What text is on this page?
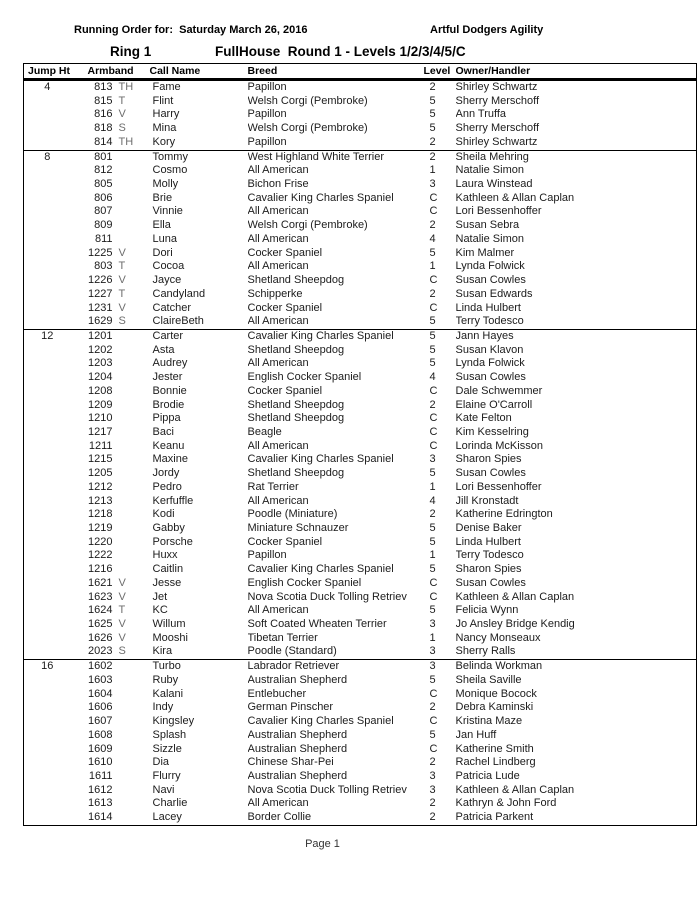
Running Order for:  Saturday March 26, 2016	Artful Dodgers Agility
Ring 1	FullHouse  Round 1 - Levels 1/2/3/4/5/C
Jump Ht	Armband		Call Name	Breed	Level	Owner/Handler
4	813	TH	Fame	Papillon	2	Shirley Schwartz
	815	T	Flint	Welsh Corgi (Pembroke)	5	Sherry Merschoff
	816	V	Harry	Papillon	5	Ann Truffa
	818	S	Mina	Welsh Corgi (Pembroke)	5	Sherry Merschoff
	814	TH	Kory	Papillon	2	Shirley Schwartz
8	801		Tommy	West Highland White Terrier	2	Sheila Mehring
	812		Cosmo	All American	1	Natalie Simon
	805		Molly	Bichon Frise	3	Laura Winstead
	806		Brie	Cavalier King Charles Spaniel	C	Kathleen & Allan Caplan
	807		Vinnie	All American	C	Lori Bessenhoffer
	809		Ella	Welsh Corgi (Pembroke)	2	Susan Sebra
	811		Luna	All American	4	Natalie Simon
	1225	V	Dori	Cocker Spaniel	5	Kim Malmer
	803	T	Cocoa	All American	1	Lynda Folwick
	1226	V	Jayce	Shetland Sheepdog	C	Susan Cowles
	1227	T	Candyland	Schipperke	2	Susan Edwards
	1231	V	Catcher	Cocker Spaniel	C	Linda Hulbert
	1629	S	ClaireBeth	All American	5	Terry Todesco
12	1201		Carter	Cavalier King Charles Spaniel	5	Jann Hayes
	1202		Asta	Shetland Sheepdog	5	Susan Klavon
	1203		Audrey	All American	5	Lynda Folwick
	1204		Jester	English Cocker Spaniel	4	Susan Cowles
	1208		Bonnie	Cocker Spaniel	C	Dale Schwemmer
	1209		Brodie	Shetland Sheepdog	2	Elaine O'Carroll
	1210		Pippa	Shetland Sheepdog	C	Kate Felton
	1217		Baci	Beagle	C	Kim Kesselring
	1211		Keanu	All American	C	Lorinda McKisson
	1215		Maxine	Cavalier King Charles Spaniel	3	Sharon Spies
	1205		Jordy	Shetland Sheepdog	5	Susan Cowles
	1212		Pedro	Rat Terrier	1	Lori Bessenhoffer
	1213		Kerfuffle	All American	4	Jill Kronstadt
	1218		Kodi	Poodle (Miniature)	2	Katherine Edrington
	1219		Gabby	Miniature Schnauzer	5	Denise Baker
	1220		Porsche	Cocker Spaniel	5	Linda Hulbert
	1222		Huxx	Papillon	1	Terry Todesco
	1216		Caitlin	Cavalier King Charles Spaniel	5	Sharon Spies
	1621	V	Jesse	English Cocker Spaniel	C	Susan Cowles
	1623	V	Jet	Nova Scotia Duck Tolling Retriev	C	Kathleen & Allan Caplan
	1624	T	KC	All American	5	Felicia Wynn
	1625	V	Willum	Soft Coated Wheaten Terrier	3	Jo Ansley Bridge Kendig
	1626	V	Mooshi	Tibetan Terrier	1	Nancy Monseaux
	2023	S	Kira	Poodle (Standard)	3	Sherry Ralls
16	1602		Turbo	Labrador Retriever	3	Belinda Workman
	1603		Ruby	Australian Shepherd	5	Sheila Saville
	1604		Kalani	Entlebucher	C	Monique Bocock
	1606		Indy	German Pinscher	2	Debra Kaminski
	1607		Kingsley	Cavalier King Charles Spaniel	C	Kristina Maze
	1608		Splash	Australian Shepherd	5	Jan Huff
	1609		Sizzle	Australian Shepherd	C	Katherine Smith
	1610		Dia	Chinese Shar-Pei	2	Rachel Lindberg
	1611		Flurry	Australian Shepherd	3	Patricia Lude
	1612		Navi	Nova Scotia Duck Tolling Retriev	3	Kathleen & Allan Caplan
	1613		Charlie	All American	2	Kathryn & John Ford
	1614		Lacey	Border Collie	2	Patricia Parkent
Page 1
